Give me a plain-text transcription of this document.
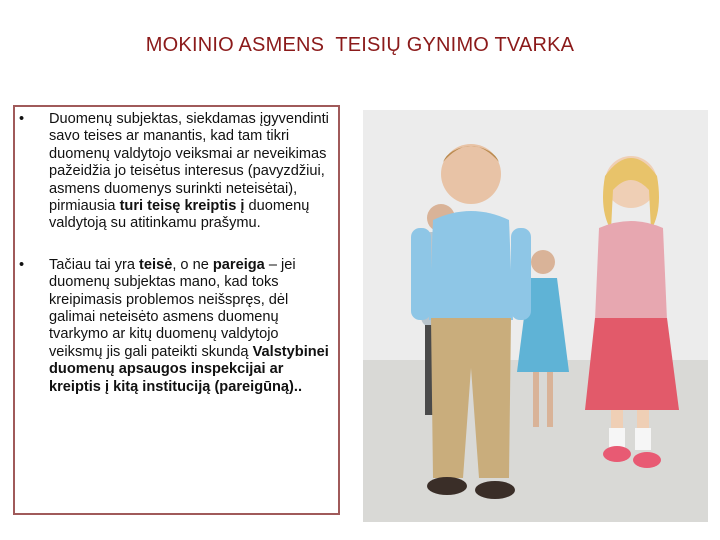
MOKINIO ASMENS  TEISIŲ GYNIMO TVARKA
• Duomenų subjektas, siekdamas įgyvendinti savo teises ar manantis, kad tam tikri duomenų valdytojo veiksmai ar neveikimas pažeidžia jo teisėtus interesus (pavyzdžiui, asmens duomenys surinkti neteisėtai), pirmiausia turi teisę kreiptis į duomenų valdytoją su atitinkamu prašymu.
• Tačiau tai yra teisė, o ne pareiga – jei duomenų subjektas mano, kad toks kreipimasis problemos neišspręs, dėl galimai neteisėto asmens duomenų tvarkymo ar kitų duomenų valdytojo veiksmų jis gali pateikti skundą Valstybinei duomenų apsaugos inspekcijai ar kreiptis į kitą instituciją (pareigūną)..
